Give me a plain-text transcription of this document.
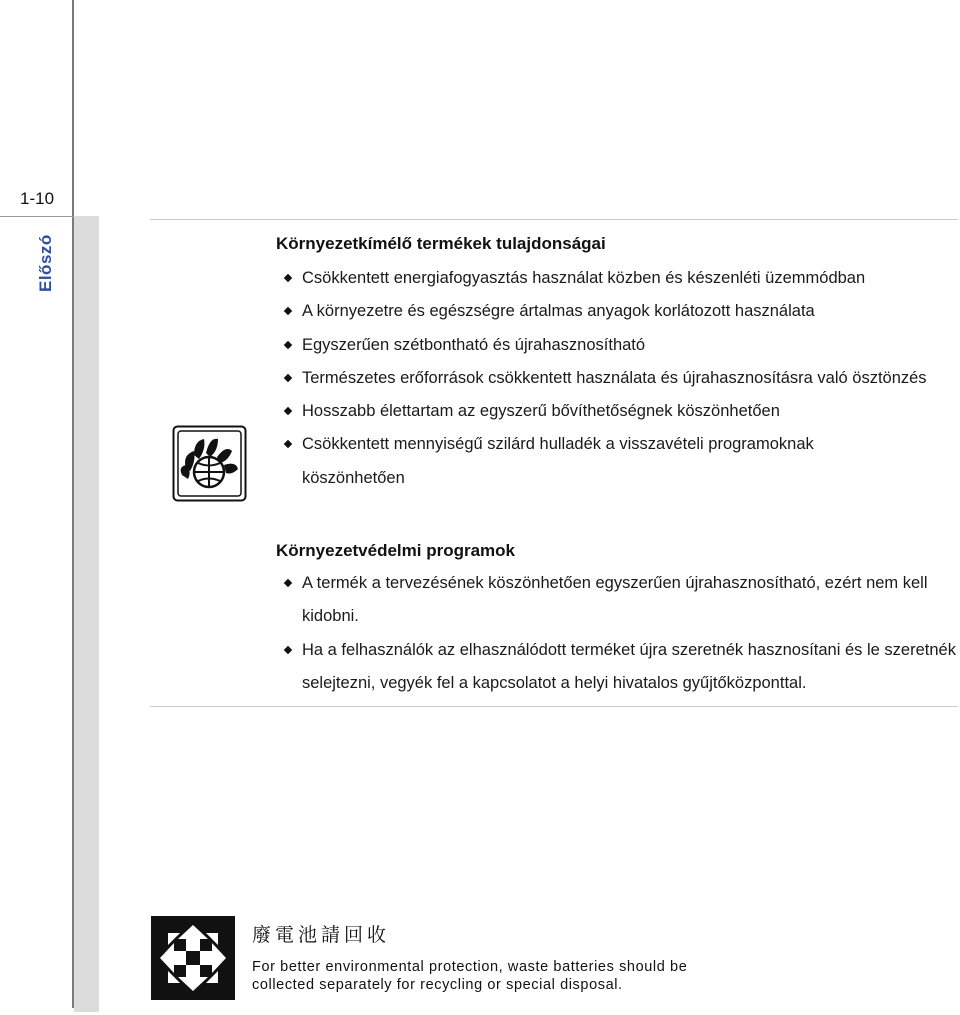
1-10
Előszó	Környezetkímélő termékek tulajdonságai
Csökkentett energiafogyasztás használat közben és készenléti üzemmódban
A környezetre és egészségre ártalmas anyagok korlátozott használata
Egyszerűen szétbontható és újrahasznosítható
Természetes erőforrások csökkentett használata és újrahasznosításra való ösztönzés
Hosszabb élettartam az egyszerű bővíthetőségnek köszönhetően
Csökkentett mennyiségű szilárd hulladék a visszavételi programoknak köszönhetően
Környezetvédelmi programok
A termék a tervezésének köszönhetően egyszerűen újrahasznosítható, ezért nem kell kidobni.
Ha a felhasználók az elhasználódott terméket újra szeretnék hasznosítani és le szeretnék selejtezni, vegyék fel a kapcsolatot a helyi hivatalos gyűjtőközponttal.
廢電池請回收
For better environmental protection, waste batteries should be
collected separately for recycling or special disposal.
